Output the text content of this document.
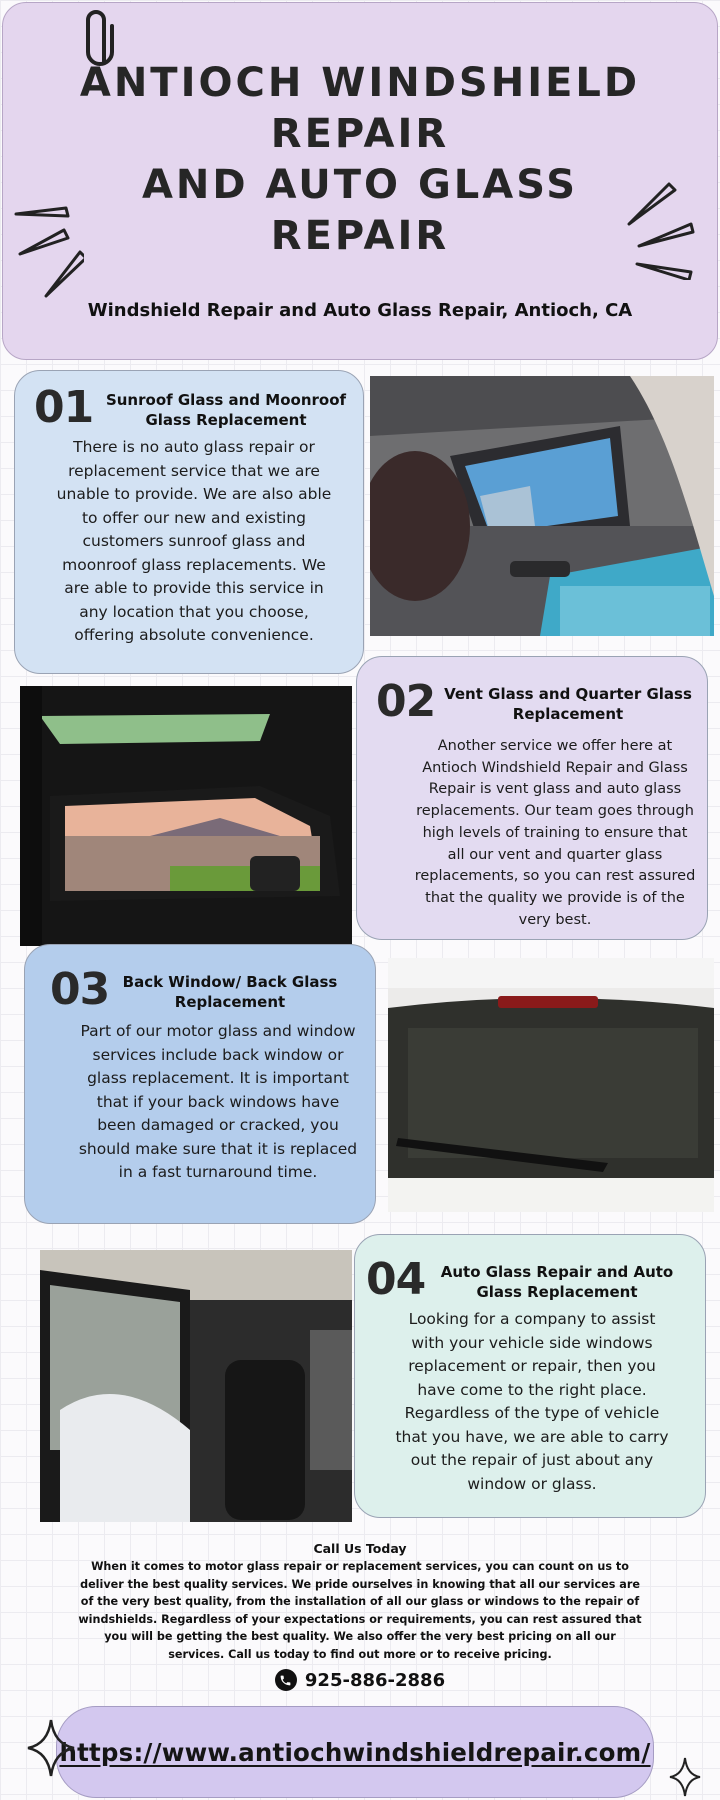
ANTIOCH WINDSHIELD
REPAIR
AND AUTO GLASS
REPAIR
Windshield Repair and Auto Glass Repair, Antioch, CA
01 Sunroof Glass and Moonroof Glass Replacement
There is no auto glass repair or replacement service that we are unable to provide. We are also able to offer our new and existing customers sunroof glass and moonroof glass replacements. We are able to provide this service in any location that you choose, offering absolute convenience.
02 Vent Glass and Quarter Glass Replacement
Another service we offer here at Antioch Windshield Repair and Glass Repair is vent glass and auto glass replacements. Our team goes through high levels of training to ensure that all our vent and quarter glass replacements, so you can rest assured that the quality we provide is of the very best.
03 Back Window/ Back Glass Replacement
Part of our motor glass and window services include back window or glass replacement. It is important that if your back windows have been damaged or cracked, you should make sure that it is replaced in a fast turnaround time.
04	Auto Glass Repair and Auto Glass Replacement
Looking for a company to assist with your vehicle side windows replacement or repair, then you have come to the right place. Regardless of the type of vehicle that you have, we are able to carry out the repair of just about any window or glass.
Call Us Today
When it comes to motor glass repair or replacement services, you can count on us to deliver the best quality services. We pride ourselves in knowing that all our services are of the very best quality, from the installation of all our glass or windows to the repair of windshields. Regardless of your expectations or requirements, you can rest assured that you will be getting the best quality. We also offer the very best pricing on all our services. Call us today to find out more or to receive pricing.
925-886-2886
https://www.antiochwindshieldrepair.com/
